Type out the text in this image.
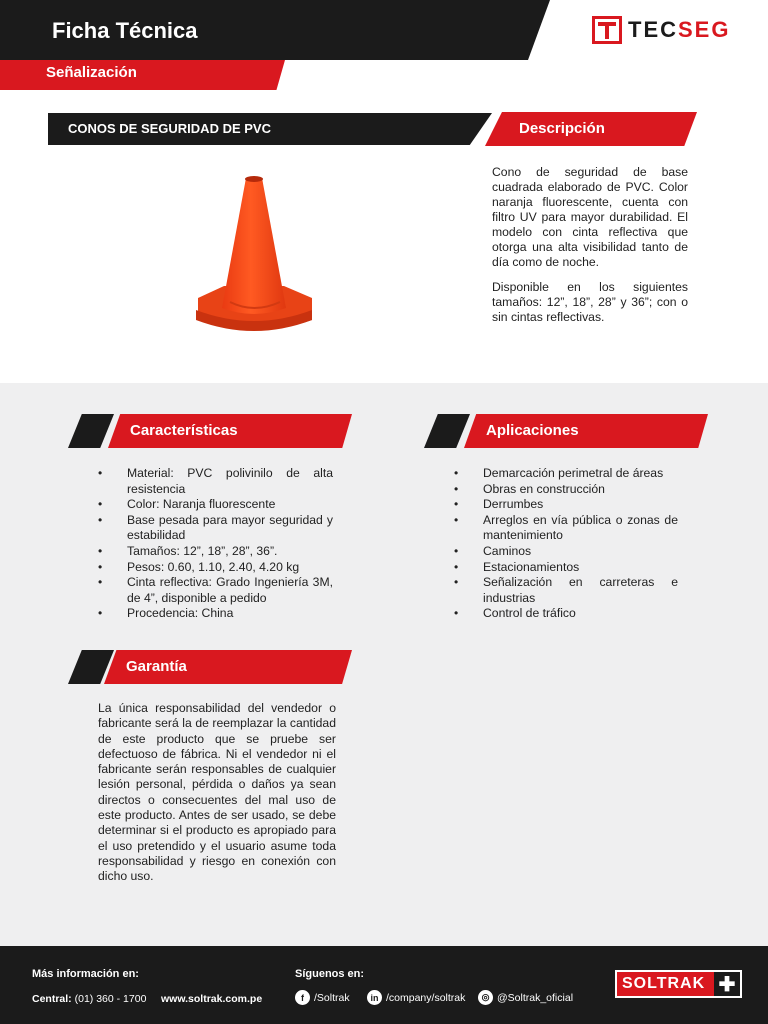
Ficha Técnica
Señalización
TECSEG
CONOS DE SEGURIDAD DE PVC	Descripción

Cono de seguridad de base cuadrada elaborado de PVC. Color naranja fluorescente, cuenta con filtro UV para mayor durabilidad. El modelo con cinta reflectiva que otorga una alta visibilidad tanto de día como de noche.

Disponible en los siguientes tamaños: 12”, 18”, 28” y 36”; con o sin cintas reflectivas.

Características
• Material: PVC polivinilo de alta resistencia
• Color: Naranja fluorescente
• Base pesada para mayor seguridad y estabilidad
• Tamaños: 12”, 18”, 28”, 36”.
• Pesos: 0.60, 1.10, 2.40, 4.20 kg
• Cinta reflectiva: Grado Ingeniería 3M, de 4”, disponible a pedido
• Procedencia: China
Aplicaciones
• Demarcación perimetral de áreas
• Obras en construcción
• Derrumbes
• Arreglos en vía pública o zonas de mantenimiento
• Caminos
• Estacionamientos
• Señalización en carreteras e industrias
• Control de tráfico
Garantía
La única responsabilidad del vendedor o fabricante será la de reemplazar la cantidad de este producto que se pruebe ser defectuoso de fábrica. Ni el vendedor ni el fabricante serán responsables de cualquier lesión personal, pérdida o daños ya sean directos o consecuentes del mal uso de este producto. Antes de ser usado, se debe determinar si el producto es apropiado para el uso pretendido y el usuario asume toda responsabilidad y riesgo en conexión con dicho uso.
Más información en:
Central: (01) 360 - 1700 www.soltrak.com.pe
Síguenos en:
f /Soltrak	in /company/soltrak	◎ @Soltrak_oficial
SOLTRAK ✚
